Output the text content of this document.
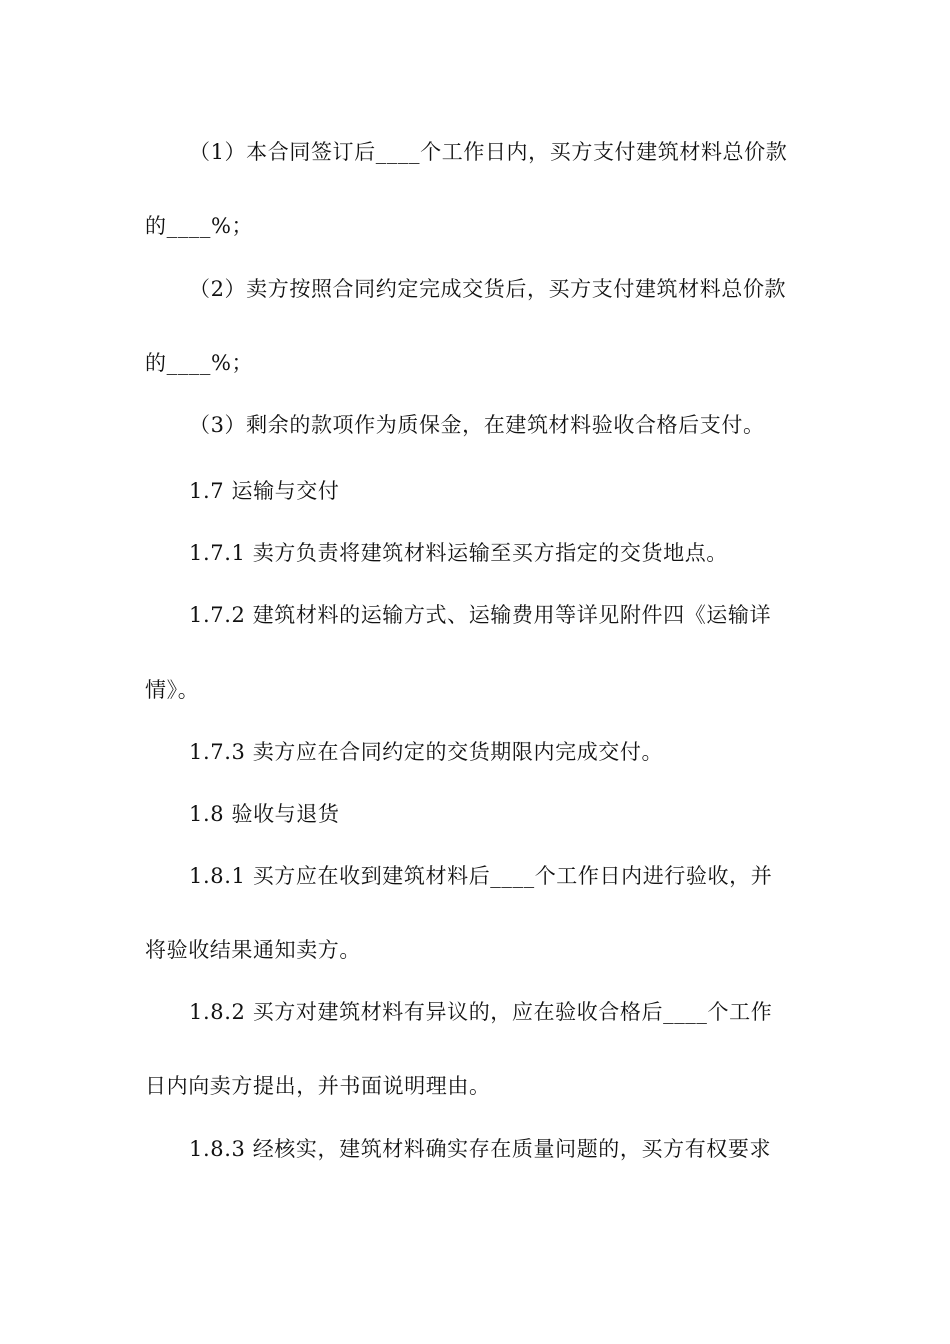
（1）本合同签订后____个工作日内，买方支付建筑材料总价款
的____%；
（2）卖方按照合同约定完成交货后，买方支付建筑材料总价款
的____%；
（3）剩余的款项作为质保金，在建筑材料验收合格后支付。
1.7 运输与交付
1.7.1 卖方负责将建筑材料运输至买方指定的交货地点。
1.7.2 建筑材料的运输方式、运输费用等详见附件四《运输详
情》。
1.7.3 卖方应在合同约定的交货期限内完成交付。
1.8 验收与退货
1.8.1 买方应在收到建筑材料后____个工作日内进行验收，并
将验收结果通知卖方。
1.8.2 买方对建筑材料有异议的，应在验收合格后____个工作
日内向卖方提出，并书面说明理由。
1.8.3 经核实，建筑材料确实存在质量问题的，买方有权要求
